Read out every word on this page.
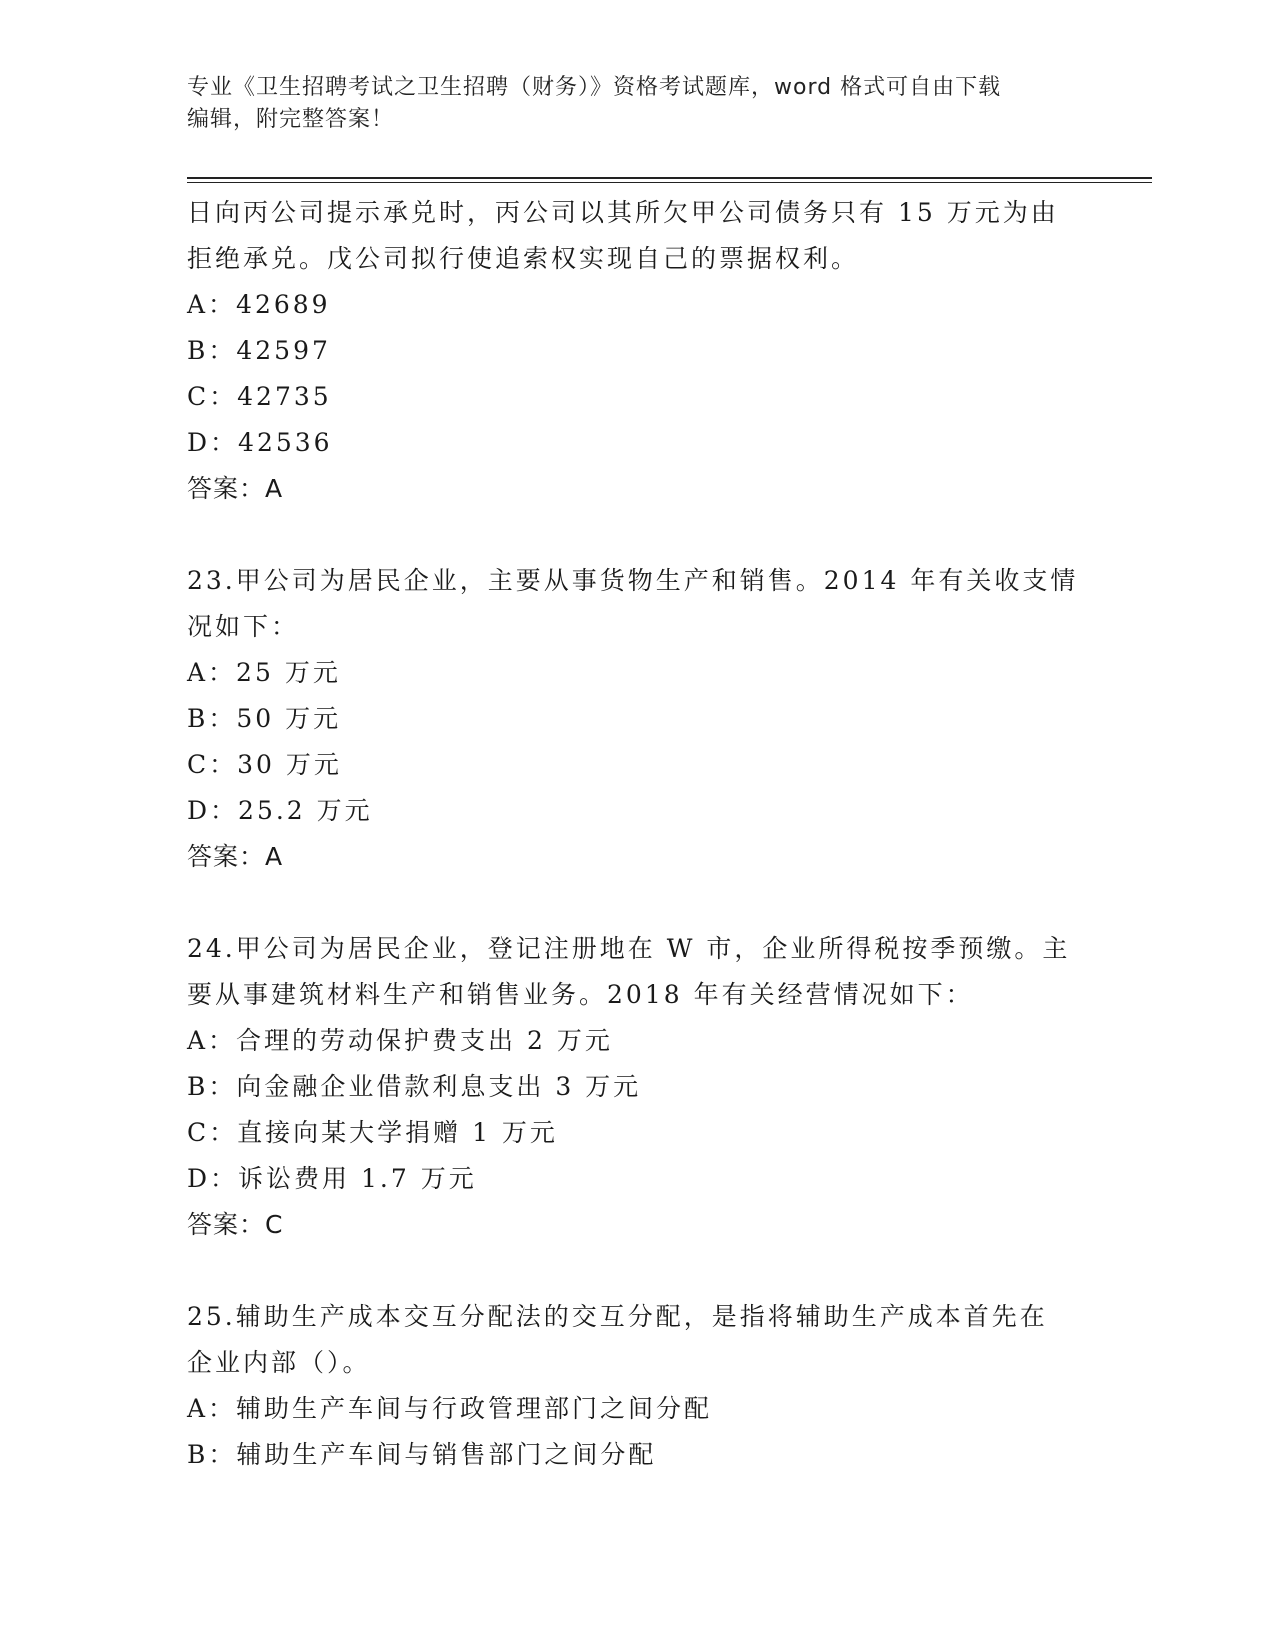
专业《卫生招聘考试之卫生招聘（财务）》资格考试题库，word 格式可自由下载
编辑，附完整答案！
日向丙公司提示承兑时，丙公司以其所欠甲公司债务只有 15 万元为由
拒绝承兑。戊公司拟行使追索权实现自己的票据权利。
A：42689
B：42597
C：42735
D：42536
答案：A
23.甲公司为居民企业，主要从事货物生产和销售。2014 年有关收支情
况如下：
A：25 万元
B：50 万元
C：30 万元
D：25.2 万元
答案：A
24.甲公司为居民企业，登记注册地在 W 市，企业所得税按季预缴。主
要从事建筑材料生产和销售业务。2018 年有关经营情况如下：
A：合理的劳动保护费支出 2 万元
B：向金融企业借款利息支出 3 万元
C：直接向某大学捐赠 1 万元
D：诉讼费用 1.7 万元
答案：C
25.辅助生产成本交互分配法的交互分配，是指将辅助生产成本首先在
企业内部（）。
A：辅助生产车间与行政管理部门之间分配
B：辅助生产车间与销售部门之间分配
